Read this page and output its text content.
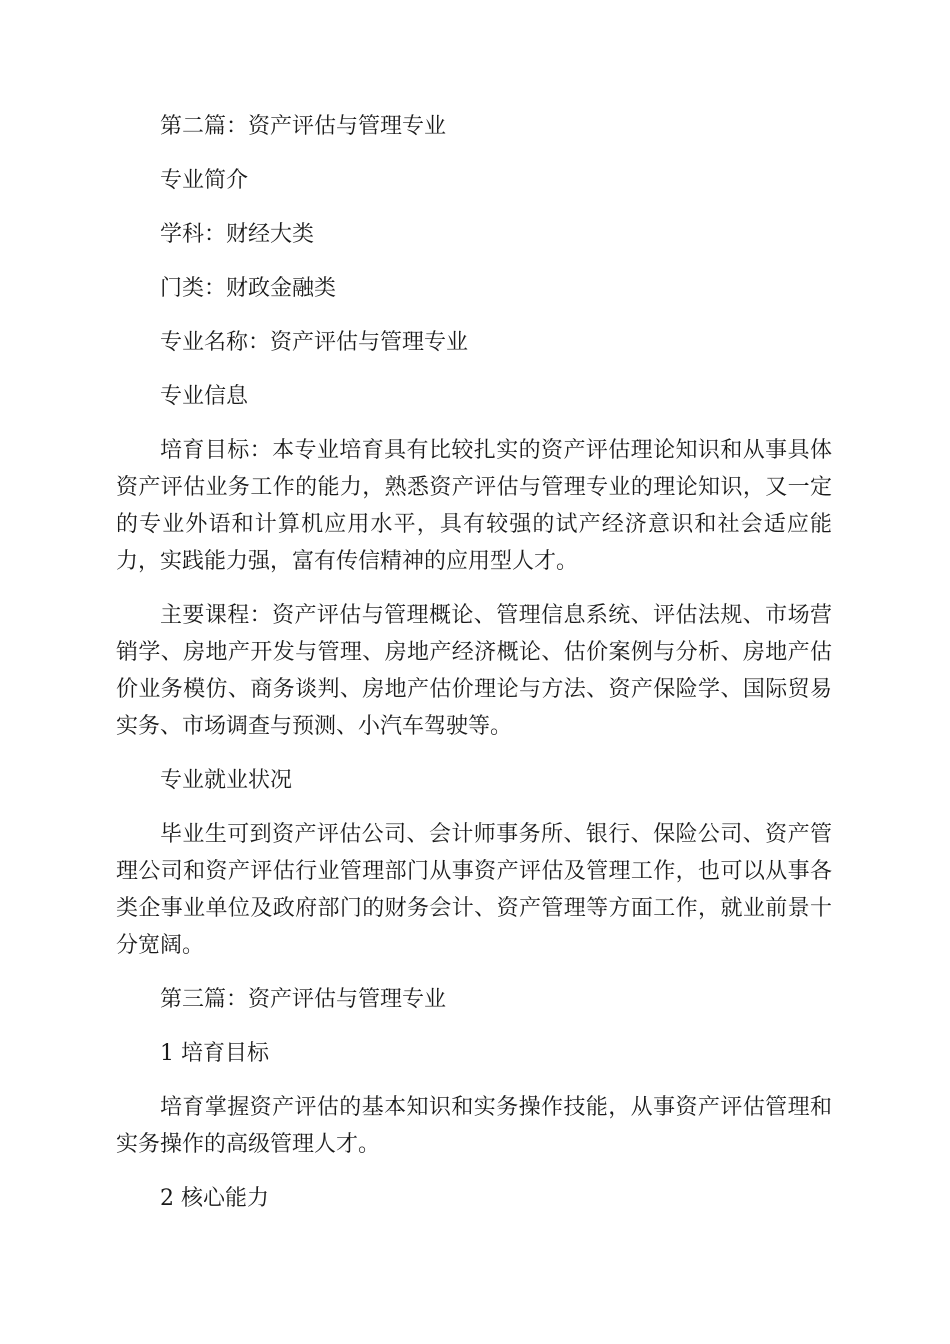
第二篇：资产评估与管理专业

专业简介

学科：财经大类

门类：财政金融类

专业名称：资产评估与管理专业

专业信息

培育目标：本专业培育具有比较扎实的资产评估理论知识和从事具体资产评估业务工作的能力，熟悉资产评估与管理专业的理论知识，又一定的专业外语和计算机应用水平，具有较强的试产经济意识和社会适应能力，实践能力强，富有传信精神的应用型人才。

主要课程：资产评估与管理概论、管理信息系统、评估法规、市场营销学、房地产开发与管理、房地产经济概论、估价案例与分析、房地产估价业务模仿、商务谈判、房地产估价理论与方法、资产保险学、国际贸易实务、市场调查与预测、小汽车驾驶等。

专业就业状况

毕业生可到资产评估公司、会计师事务所、银行、保险公司、资产管理公司和资产评估行业管理部门从事资产评估及管理工作，也可以从事各类企事业单位及政府部门的财务会计、资产管理等方面工作，就业前景十分宽阔。

第三篇：资产评估与管理专业

1 培育目标

培育掌握资产评估的基本知识和实务操作技能，从事资产评估管理和实务操作的高级管理人才。

2 核心能力
